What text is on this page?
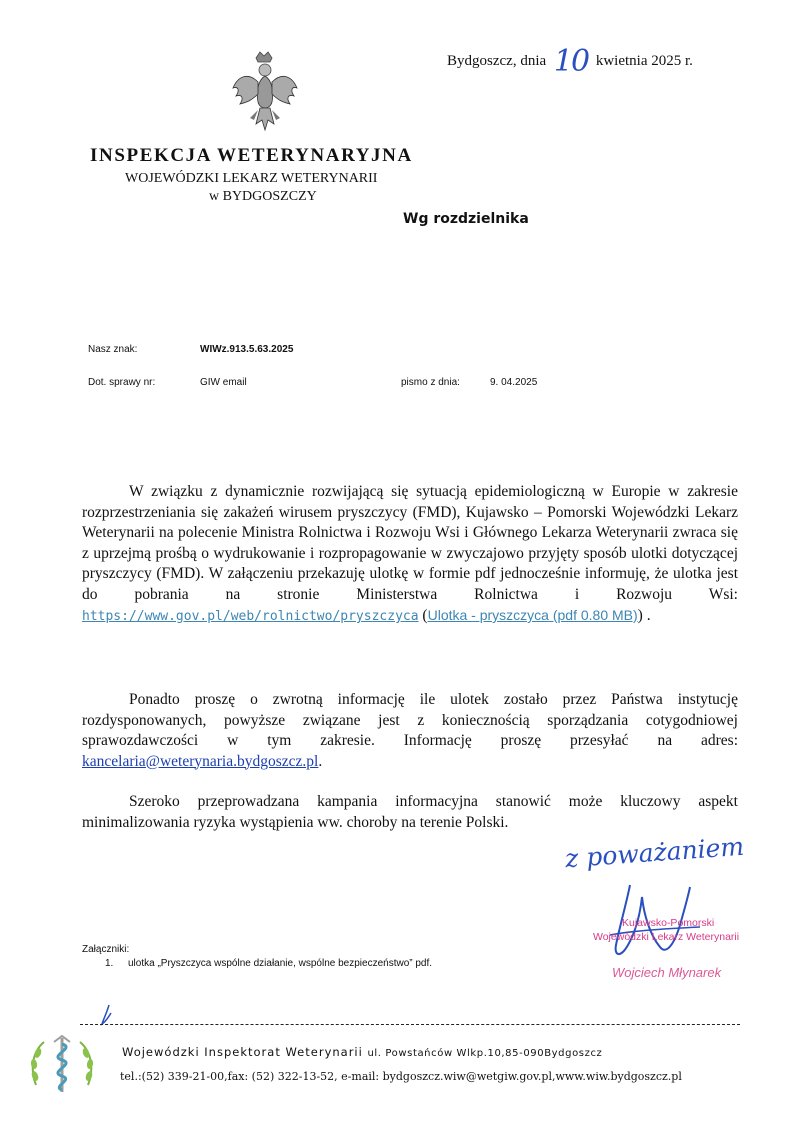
Bydgoszcz, dnia 10 kwietnia 2025 r.
INSPEKCJA WETERYNARYJNA
WOJEWÓDZKI LEKARZ WETERYNARII
w BYDGOSZCZY
Wg rozdzielnika
Nasz znak:	WIWz.913.5.63.2025
Dot. sprawy nr:	GIW email	pismo z dnia:	9. 04.2025

W związku z dynamicznie rozwijającą się sytuacją epidemiologiczną w Europie w zakresie rozprzestrzeniania się zakażeń wirusem pryszczycy (FMD), Kujawsko – Pomorski Wojewódzki Lekarz Weterynarii na polecenie Ministra Rolnictwa i Rozwoju Wsi i Głównego Lekarza Weterynarii zwraca się z uprzejmą prośbą o wydrukowanie i rozpropagowanie w zwyczajowo przyjęty sposób ulotki dotyczącej pryszczycy (FMD). W załączeniu przekazuję ulotkę w formie pdf jednocześnie informuję, że ulotka jest do pobrania na stronie Ministerstwa Rolnictwa i Rozwoju Wsi: https://www.gov.pl/web/rolnictwo/pryszczyca (Ulotka - pryszczyca (pdf 0.80 MB)) .

Ponadto proszę o zwrotną informację ile ulotek zostało przez Państwa instytucję rozdysponowanych, powyższe związane jest z koniecznością sporządzania cotygodniowej sprawozdawczości w tym zakresie. Informację proszę przesyłać na adres: kancelaria@weterynaria.bydgoszcz.pl.

Szeroko przeprowadzana kampania informacyjna stanowić może kluczowy aspekt minimalizowania ryzyka wystąpienia ww. choroby na terenie Polski.

z poważaniem
Kujawsko-Pomorski
Wojewódzki Lekarz Weterynarii
Wojciech Młynarek
Załączniki:
1. ulotka „Pryszczyca wspólne działanie, wspólne bezpieczeństwo” pdf.
Wojewódzki Inspektorat Weterynarii ul. Powstańców Wlkp.10,85-090Bydgoszcz
tel.:(52) 339-21-00,fax: (52) 322-13-52, e-mail: bydgoszcz.wiw@wetgiw.gov.pl,www.wiw.bydgoszcz.pl
